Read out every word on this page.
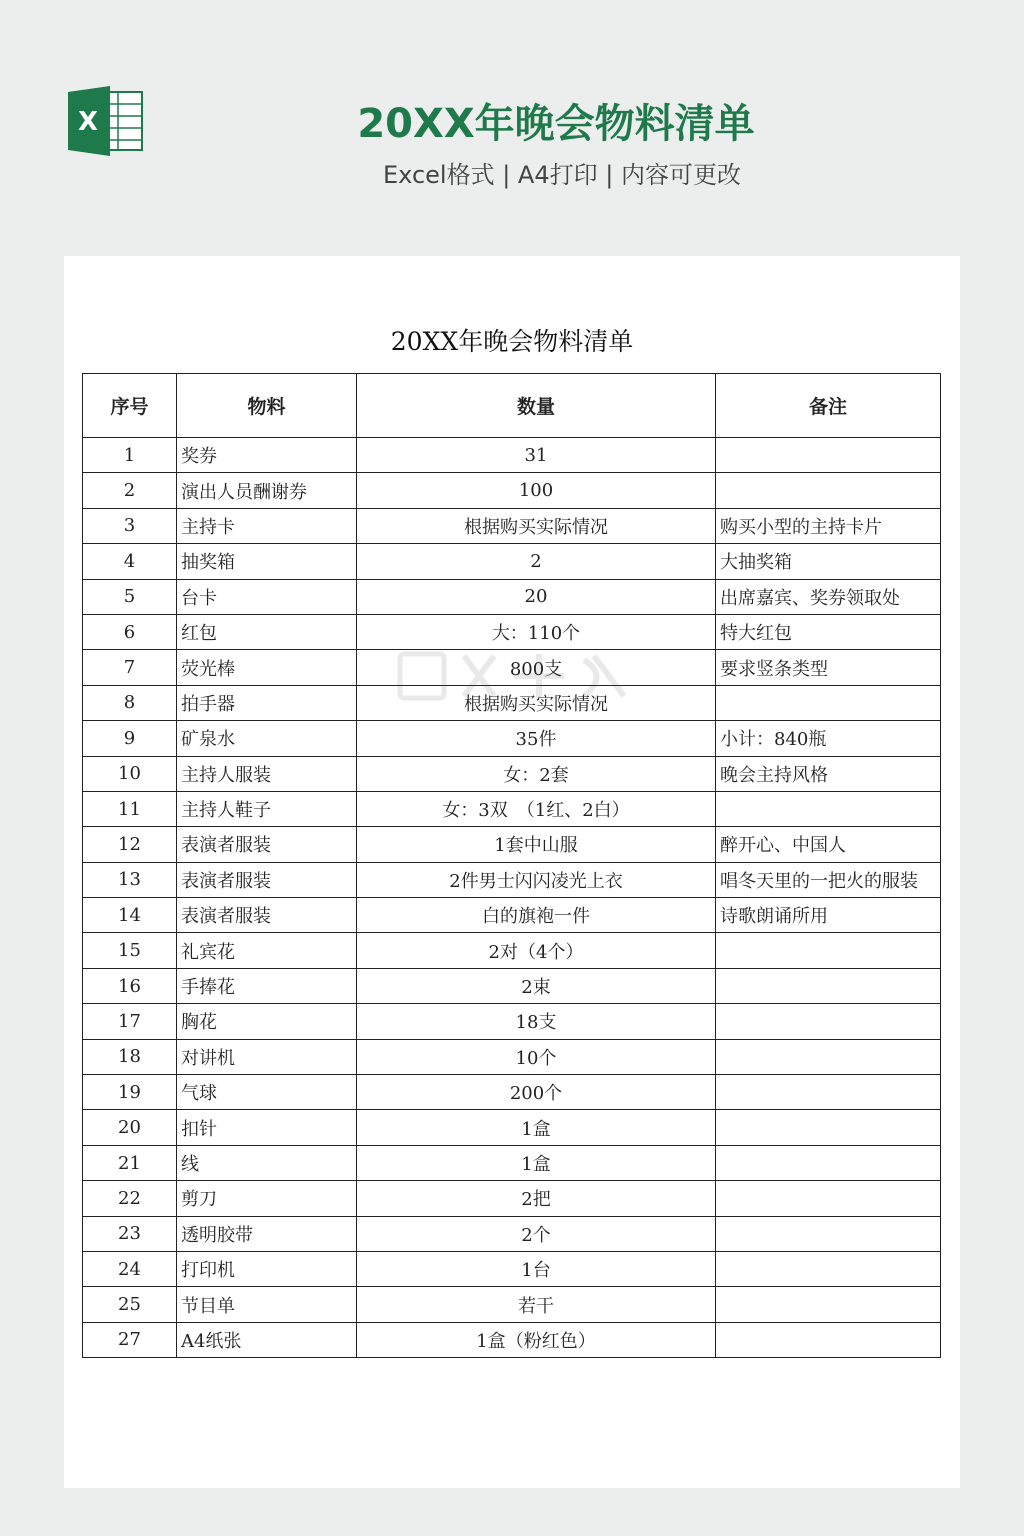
X	20XX年晚会物料清单
Excel格式 | A4打印 | 内容可更改
20XX年晚会物料清单
序号	物料	数量	备注
1	奖券	31	
2	演出人员酬谢券	100	
3	主持卡	根据购买实际情况	购买小型的主持卡片
4	抽奖箱	2	大抽奖箱
5	台卡	20	出席嘉宾、奖券领取处
6	红包	大：110个	特大红包
7	荧光棒	800支	要求竖条类型
8	拍手器	根据购买实际情况	
9	矿泉水	35件	小计：840瓶
10	主持人服装	女：2套	晚会主持风格
11	主持人鞋子	女：3双　（1红、2白）	
12	表演者服装	1套中山服	醉开心、中国人
13	表演者服装	2件男士闪闪凌光上衣	唱冬天里的一把火的服装
14	表演者服装	白的旗袍一件	诗歌朗诵所用
15	礼宾花	2对（4个）	
16	手捧花	2束	
17	胸花	18支	
18	对讲机	10个	
19	气球	200个	
20	扣针	1盒	
21	线	1盒	
22	剪刀	2把	
23	透明胶带	2个	
24	打印机	1台	
25	节目单	若干	
27	A4纸张	1盒（粉红色）	
